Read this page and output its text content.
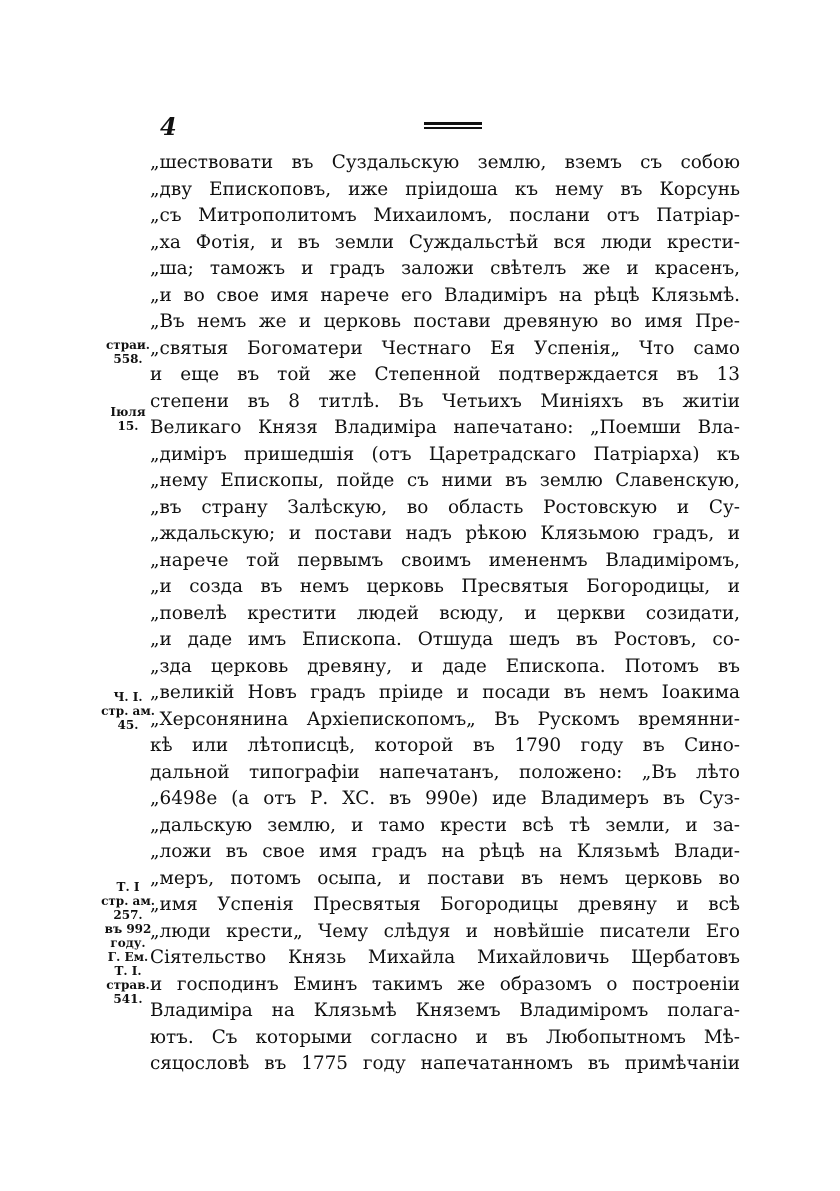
4
„шествовати въ Суздальскую землю, вземъ съ собою
„дву Епископовъ, иже прiидоша къ нему въ Корсунь
„съ Митрополитомъ Михаиломъ, послани отъ Патрiар-
„ха Фотiя, и въ земли Суждальстѣй вся люди крести-
„ша; таможъ и градъ заложи свѣтелъ же и красенъ,
„и во свое имя нарече его Владимiръ на рѣцѣ Клязьмѣ.
„Въ немъ же и церковь постави древяную во имя Пре-
„святыя Богоматери Честнаго Ея Успенiя„ Что само
и еще въ той же Степенной подтверждается въ 13
степени въ 8 титлѣ. Въ Четьихъ Минiяхъ въ житiи
Великаго Князя Владимiра напечатано: „Поемши Вла-
„димiръ пришедшiя (отъ Царетрадскаго Патрiарха) къ
„нему Епископы, пойде съ ними въ землю Славенскую,
„въ страну Залѣскую, во область Ростовскую и Су-
„ждальскую; и постави надъ рѣкою Клязьмою градъ, и
„нарече той первымъ своимъ имененмъ Владимiромъ,
„и созда въ немъ церковь Пресвятыя Богородицы, и
„повелѣ крестити людей всюду, и церкви созидати,
„и даде имъ Епископа. Отшуда шедъ въ Ростовъ, со-
„зда церковь древяну, и даде Епископа. Потомъ въ
„великiй Новъ градъ прiиде и посади въ немъ Iоакима
„Херсонянина Архiепископомъ„ Въ Рускомъ времянни-
кѣ или лѣтописцѣ, которой въ 1790 году въ Сино-
дальной типографiи напечатанъ, положено: „Въ лѣто
„6498е (а отъ Р. ХС. въ 990е) иде Владимеръ въ Суз-
„дальскую землю, и тамо крести всѣ тѣ земли, и за-
„ложи въ свое имя градъ на рѣцѣ на Клязьмѣ Влади-
„меръ, потомъ осыпа, и постави въ немъ церковь во
„имя Успенiя Пресвятыя Богородицы древяну и всѣ
„люди крести„ Чему слѣдуя и новѣйшiе писатели Его
Сiятельство Князь Михайла Михайловичь Щербатовъ
и господинъ Еминъ такимъ же образомъ о построенiи
Владимiра на Клязьмѣ Княземъ Владимiромъ полага-
ютъ. Съ которыми согласно и въ Любопытномъ Мѣ-
сяцословѣ въ 1775 году напечатанномъ въ примѣчанiи
страи.
558.
Iюля
15.
Ч. I.
стр. ам.
45.
Т. I
стр. ам.
257.
въ 992
году.
Г. Ем.
Т. I.
страв.
541.
